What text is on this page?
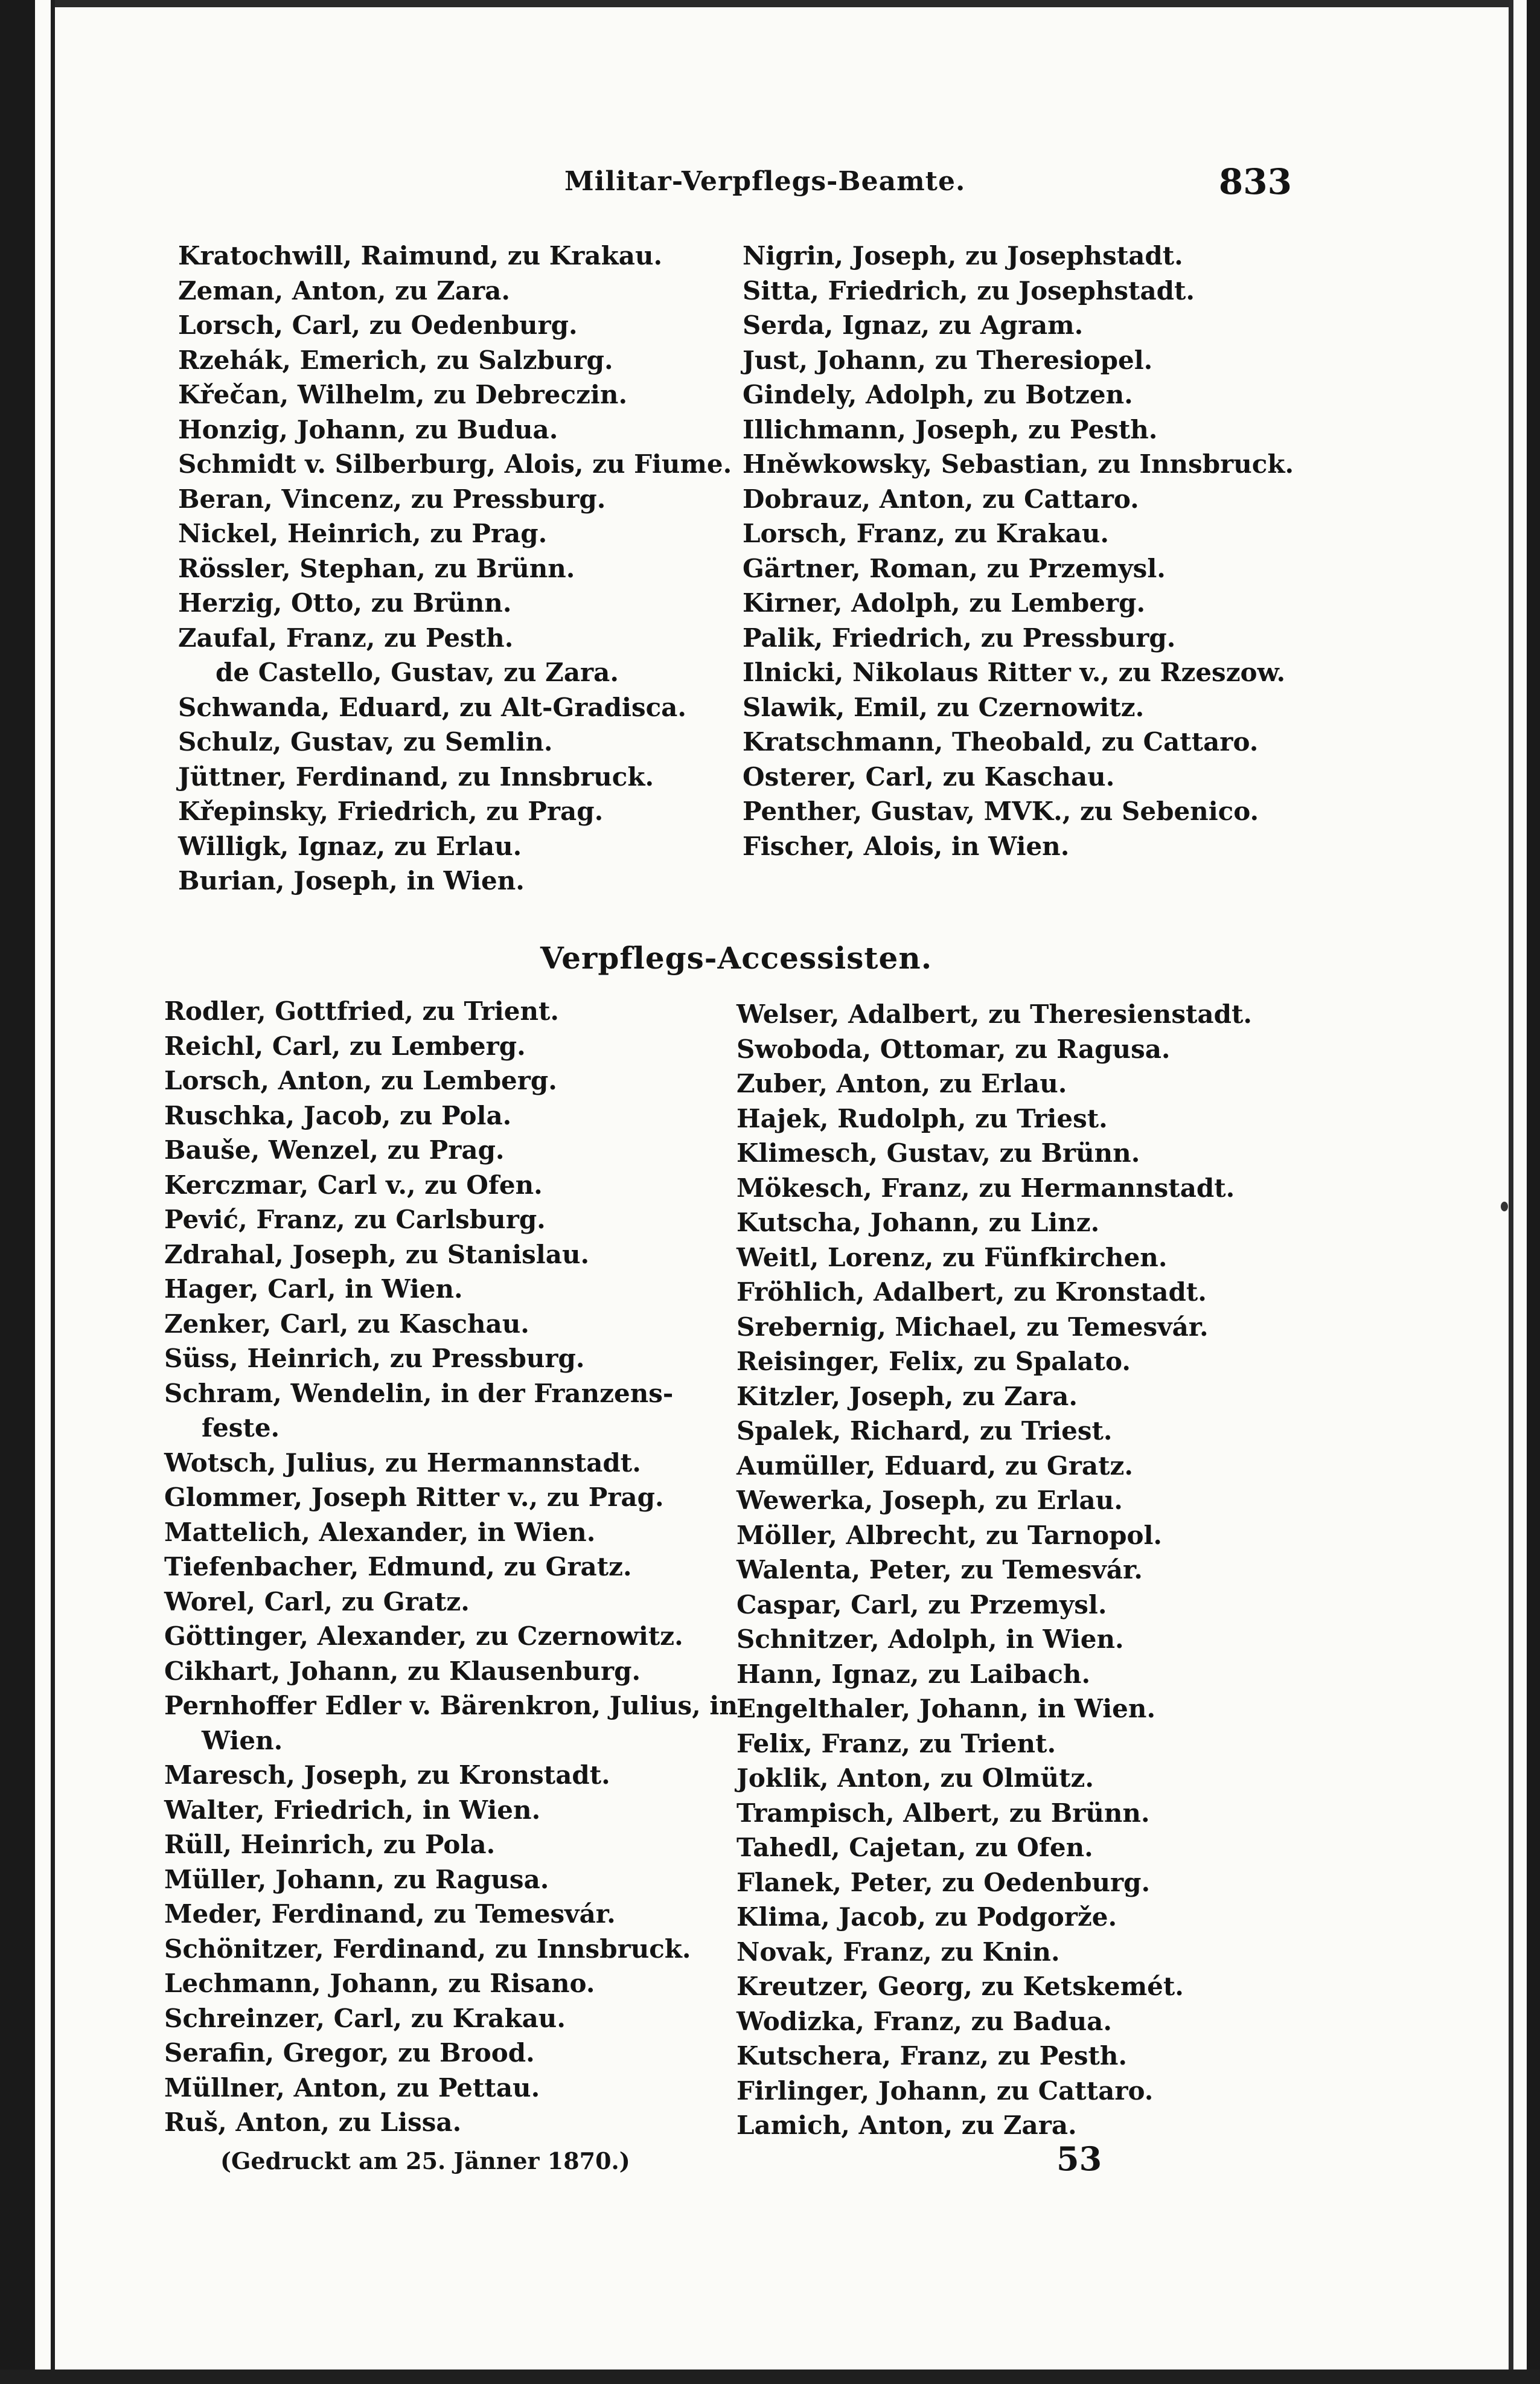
Militar-Verpflegs-Beamte.	833
Kratochwill, Raimund, zu Krakau.
Zeman, Anton, zu Zara.
Lorsch, Carl, zu Oedenburg.
Rzehák, Emerich, zu Salzburg.
Křečan, Wilhelm, zu Debreczin.
Honzig, Johann, zu Budua.
Schmidt v. Silberburg, Alois, zu Fiume.
Beran, Vincenz, zu Pressburg.
Nickel, Heinrich, zu Prag.
Rössler, Stephan, zu Brünn.
Herzig, Otto, zu Brünn.
Zaufal, Franz, zu Pesth.
de Castello, Gustav, zu Zara.
Schwanda, Eduard, zu Alt-Gradisca.
Schulz, Gustav, zu Semlin.
Jüttner, Ferdinand, zu Innsbruck.
Křepinsky, Friedrich, zu Prag.
Willigk, Ignaz, zu Erlau.
Burian, Joseph, in Wien.
Nigrin, Joseph, zu Josephstadt.
Sitta, Friedrich, zu Josephstadt.
Serda, Ignaz, zu Agram.
Just, Johann, zu Theresiopel.
Gindely, Adolph, zu Botzen.
Illichmann, Joseph, zu Pesth.
Hněwkowsky, Sebastian, zu Innsbruck.
Dobrauz, Anton, zu Cattaro.
Lorsch, Franz, zu Krakau.
Gärtner, Roman, zu Przemysl.
Kirner, Adolph, zu Lemberg.
Palik, Friedrich, zu Pressburg.
Ilnicki, Nikolaus Ritter v., zu Rzeszow.
Slawik, Emil, zu Czernowitz.
Kratschmann, Theobald, zu Cattaro.
Osterer, Carl, zu Kaschau.
Penther, Gustav, MVK., zu Sebenico.
Fischer, Alois, in Wien.
Verpflegs-Accessisten.
Rodler, Gottfried, zu Trient.
Reichl, Carl, zu Lemberg.
Lorsch, Anton, zu Lemberg.
Ruschka, Jacob, zu Pola.
Bauše, Wenzel, zu Prag.
Kerczmar, Carl v., zu Ofen.
Pević, Franz, zu Carlsburg.
Zdrahal, Joseph, zu Stanislau.
Hager, Carl, in Wien.
Zenker, Carl, zu Kaschau.
Süss, Heinrich, zu Pressburg.
Schram, Wendelin, in der Franzens-
feste.
Wotsch, Julius, zu Hermannstadt.
Glommer, Joseph Ritter v., zu Prag.
Mattelich, Alexander, in Wien.
Tiefenbacher, Edmund, zu Gratz.
Worel, Carl, zu Gratz.
Göttinger, Alexander, zu Czernowitz.
Cikhart, Johann, zu Klausenburg.
Pernhoffer Edler v. Bärenkron, Julius, in
Wien.
Maresch, Joseph, zu Kronstadt.
Walter, Friedrich, in Wien.
Rüll, Heinrich, zu Pola.
Müller, Johann, zu Ragusa.
Meder, Ferdinand, zu Temesvár.
Schönitzer, Ferdinand, zu Innsbruck.
Lechmann, Johann, zu Risano.
Schreinzer, Carl, zu Krakau.
Serafin, Gregor, zu Brood.
Müllner, Anton, zu Pettau.
Ruš, Anton, zu Lissa.
Welser, Adalbert, zu Theresienstadt.
Swoboda, Ottomar, zu Ragusa.
Zuber, Anton, zu Erlau.
Hajek, Rudolph, zu Triest.
Klimesch, Gustav, zu Brünn.
Mökesch, Franz, zu Hermannstadt.
Kutscha, Johann, zu Linz.
Weitl, Lorenz, zu Fünfkirchen.
Fröhlich, Adalbert, zu Kronstadt.
Srebernig, Michael, zu Temesvár.
Reisinger, Felix, zu Spalato.
Kitzler, Joseph, zu Zara.
Spalek, Richard, zu Triest.
Aumüller, Eduard, zu Gratz.
Wewerka, Joseph, zu Erlau.
Möller, Albrecht, zu Tarnopol.
Walenta, Peter, zu Temesvár.
Caspar, Carl, zu Przemysl.
Schnitzer, Adolph, in Wien.
Hann, Ignaz, zu Laibach.
Engelthaler, Johann, in Wien.
Felix, Franz, zu Trient.
Joklik, Anton, zu Olmütz.
Trampisch, Albert, zu Brünn.
Tahedl, Cajetan, zu Ofen.
Flanek, Peter, zu Oedenburg.
Klima, Jacob, zu Podgorže.
Novak, Franz, zu Knin.
Kreutzer, Georg, zu Ketskemét.
Wodizka, Franz, zu Badua.
Kutschera, Franz, zu Pesth.
Firlinger, Johann, zu Cattaro.
Lamich, Anton, zu Zara.
(Gedruckt am 25. Jänner 1870.)	53
